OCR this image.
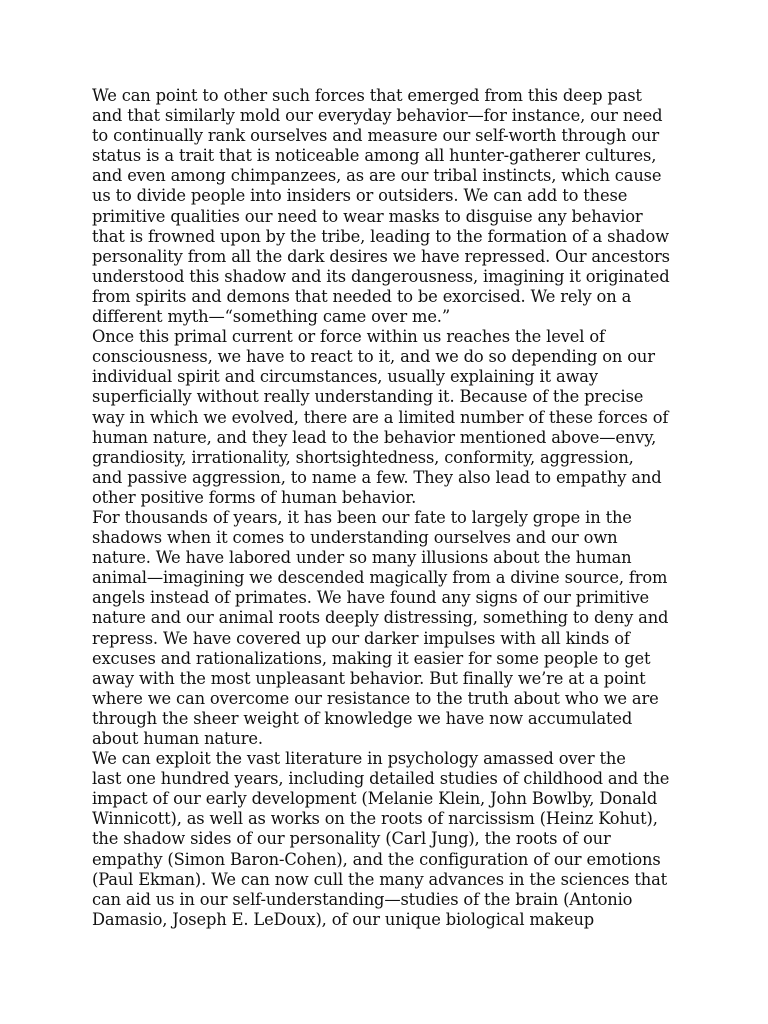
We can point to other such forces that emerged from this deep past
and that similarly mold our everyday behavior—for instance, our need
to continually rank ourselves and measure our self-worth through our
status is a trait that is noticeable among all hunter-gatherer cultures,
and even among chimpanzees, as are our tribal instincts, which cause
us to divide people into insiders or outsiders. We can add to these
primitive qualities our need to wear masks to disguise any behavior
that is frowned upon by the tribe, leading to the formation of a shadow
personality from all the dark desires we have repressed. Our ancestors
understood this shadow and its dangerousness, imagining it originated
from spirits and demons that needed to be exorcised. We rely on a
different myth—“something came over me.”
Once this primal current or force within us reaches the level of
consciousness, we have to react to it, and we do so depending on our
individual spirit and circumstances, usually explaining it away
superficially without really understanding it. Because of the precise
way in which we evolved, there are a limited number of these forces of
human nature, and they lead to the behavior mentioned above—envy,
grandiosity, irrationality, shortsightedness, conformity, aggression,
and passive aggression, to name a few. They also lead to empathy and
other positive forms of human behavior.
For thousands of years, it has been our fate to largely grope in the
shadows when it comes to understanding ourselves and our own
nature. We have labored under so many illusions about the human
animal—imagining we descended magically from a divine source, from
angels instead of primates. We have found any signs of our primitive
nature and our animal roots deeply distressing, something to deny and
repress. We have covered up our darker impulses with all kinds of
excuses and rationalizations, making it easier for some people to get
away with the most unpleasant behavior. But finally we’re at a point
where we can overcome our resistance to the truth about who we are
through the sheer weight of knowledge we have now accumulated
about human nature.
We can exploit the vast literature in psychology amassed over the
last one hundred years, including detailed studies of childhood and the
impact of our early development (Melanie Klein, John Bowlby, Donald
Winnicott), as well as works on the roots of narcissism (Heinz Kohut),
the shadow sides of our personality (Carl Jung), the roots of our
empathy (Simon Baron-Cohen), and the configuration of our emotions
(Paul Ekman). We can now cull the many advances in the sciences that
can aid us in our self-understanding—studies of the brain (Antonio
Damasio, Joseph E. LeDoux), of our unique biological makeup
